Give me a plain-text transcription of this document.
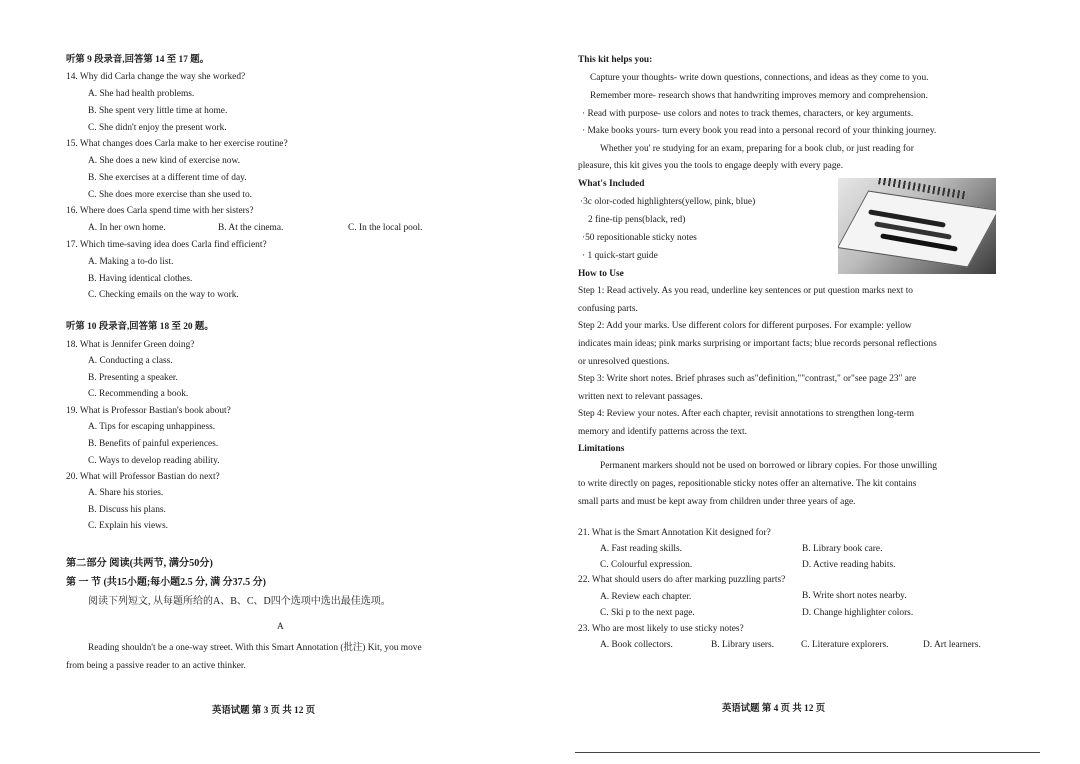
听第 9 段录音,回答第 14 至 17 题。
14. Why did Carla change the way she worked?
A. She had health problems.
B. She spent very little time at home.
C. She didn't enjoy the present work.
15. What changes does Carla make to her exercise routine?
A. She does a new kind of exercise now.
B. She exercises at a different time of day.
C. She does more exercise than she used to.
16. Where does Carla spend time with her sisters?
A. In her own home.	B. At the cinema.	C. In the local pool.
17. Which time-saving idea does Carla find efficient?
A. Making a to-do list.
B. Having identical clothes.
C. Checking emails on the way to work.
听第 10 段录音,回答第 18 至 20 题。
18. What is Jennifer Green doing?
A. Conducting a class.
B. Presenting a speaker.
C. Recommending a book.
19. What is Professor Bastian's book about?
A. Tips for escaping unhappiness.
B. Benefits of painful experiences.
C. Ways to develop reading ability.
20. What will Professor Bastian do next?
A. Share his stories.
B. Discuss his plans.
C. Explain his views.
第二部分 阅读(共两节, 满分50分)
第 一 节 (共15小题;每小题2.5 分, 满 分37.5 分)
阅读下列短文, 从每题所给的A、B、C、D四个选项中选出最佳选项。
A
Reading shouldn't be a one-way street. With this Smart Annotation (批注) Kit, you move
from being a passive reader to an active thinker.
英语试题 第 3 页 共 12 页
This kit helps you:
Capture your thoughts- write down questions, connections, and ideas as they come to you.
Remember more- research shows that handwriting improves memory and comprehension.
· Read with purpose- use colors and notes to track themes, characters, or key arguments.
· Make books yours- turn every book you read into a personal record of your thinking journey.
Whether you' re studying for an exam, preparing for a book club, or just reading for
pleasure, this kit gives you the tools to engage deeply with every page.
What's Included
·3c olor-coded highlighters(yellow, pink, blue)
2 fine-tip pens(black, red)
·50 repositionable sticky notes
· 1 quick-start guide
How to Use
Step 1: Read actively. As you read, underline key sentences or put question marks next to
confusing parts.
Step 2: Add your marks. Use different colors for different purposes. For example: yellow
indicates main ideas; pink marks surprising or important facts; blue records personal reflections
or unresolved questions.
Step 3: Write short notes. Brief phrases such as"definition,""contrast," or"see page 23" are
written next to relevant passages.
Step 4: Review your notes. After each chapter, revisit annotations to strengthen long-term
memory and identify patterns across the text.
Limitations
Permanent markers should not be used on borrowed or library copies. For those unwilling
to write directly on pages, repositionable sticky notes offer an alternative. The kit contains
small parts and must be kept away from children under three years of age.
21. What is the Smart Annotation Kit designed for?
A. Fast reading skills.	B. Library book care.
C. Colourful expression.	D. Active reading habits.
22. What should users do after marking puzzling parts?
A. Review each chapter.	B. Write short notes nearby.
C. Ski p to the next page.	D. Change highlighter colors.
23. Who are most likely to use sticky notes?
A. Book collectors.	B. Library users.	C. Literature explorers.	D. Art learners.
英语试题 第 4 页 共 12 页
